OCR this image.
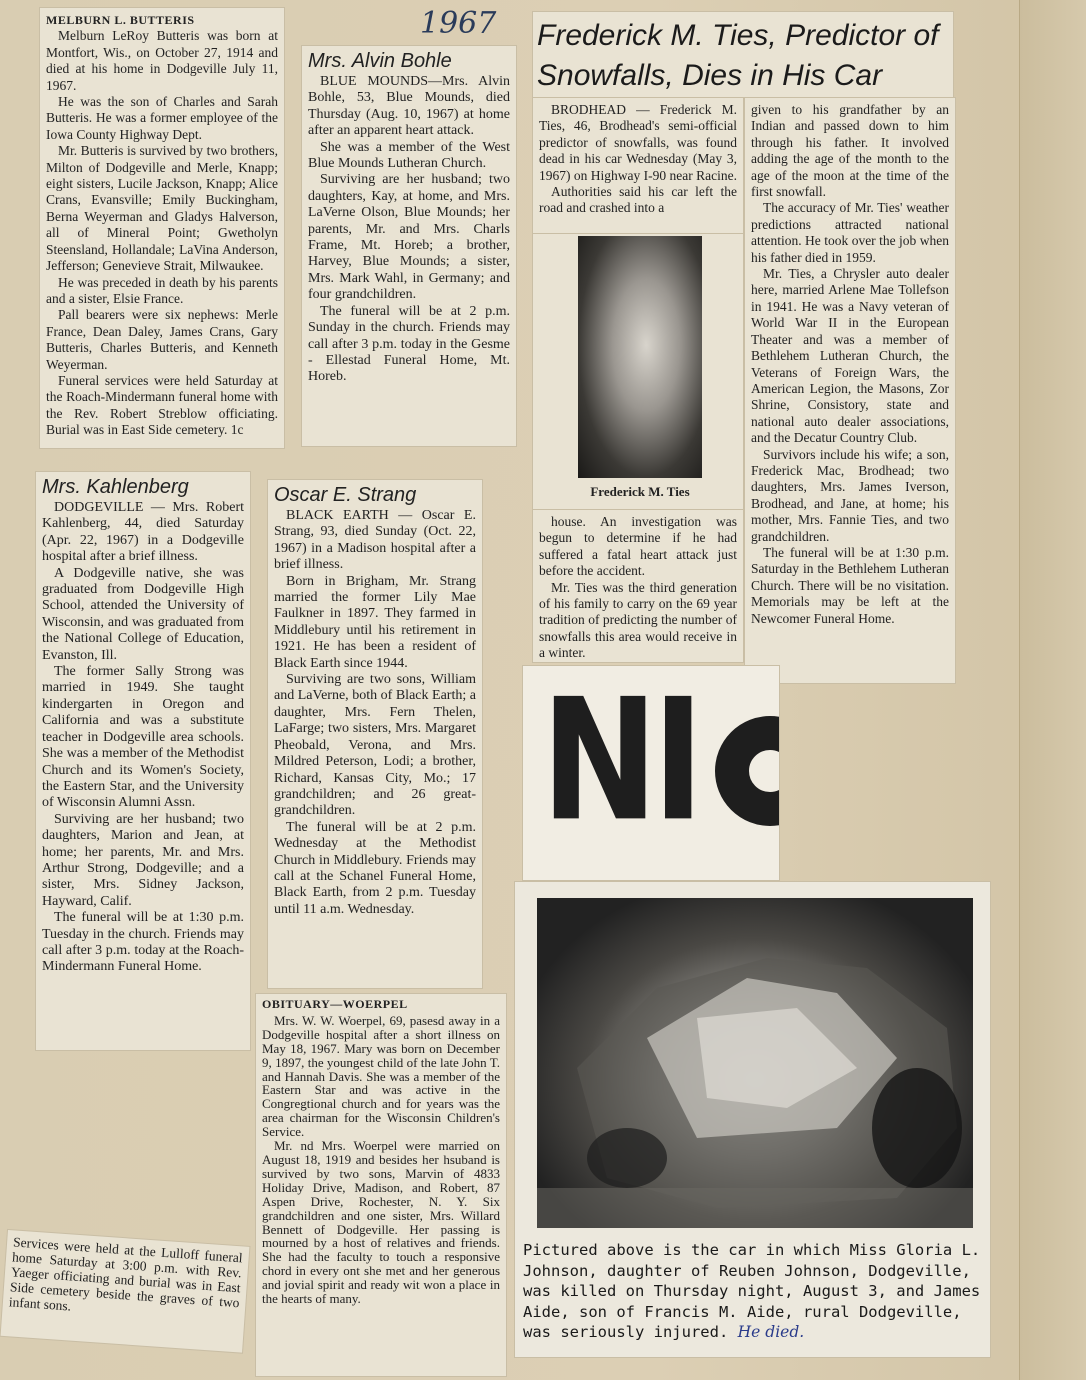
1967

MELBURN L. BUTTERIS

Melburn LeRoy Butteris was born at Montfort, Wis., on October 27, 1914 and died at his home in Dodgeville July 11, 1967.

He was the son of Charles and Sarah Butteris. He was a former employee of the Iowa County Highway Dept.

Mr. Butteris is survived by two brothers, Milton of Dodgeville and Merle, Knapp; eight sisters, Lucile Jackson, Knapp; Alice Crans, Evansville; Emily Buckingham, Berna Weyerman and Gladys Halverson, all of Mineral Point; Gwetholyn Steensland, Hollandale; LaVina Anderson, Jefferson; Genevieve Strait, Milwaukee.

He was preceded in death by his parents and a sister, Elsie France.

Pall bearers were six nephews: Merle France, Dean Daley, James Crans, Gary Butteris, Charles Butteris, and Kenneth Weyerman.

Funeral services were held Saturday at the Roach-Mindermann funeral home with the Rev. Robert Streblow officiating. Burial was in East Side cemetery. 1c

Mrs. Alvin Bohle

BLUE MOUNDS—Mrs. Alvin Bohle, 53, Blue Mounds, died Thursday (Aug. 10, 1967) at home after an apparent heart attack.

She was a member of the West Blue Mounds Lutheran Church.

Surviving are her husband; two daughters, Kay, at home, and Mrs. LaVerne Olson, Blue Mounds; her parents, Mr. and Mrs. Charls Frame, Mt. Horeb; a brother, Harvey, Blue Mounds; a sister, Mrs. Mark Wahl, in Germany; and four grandchildren.

The funeral will be at 2 p.m. Sunday in the church. Friends may call after 3 p.m. today in the Gesme - Ellestad Funeral Home, Mt. Horeb.

Frederick M. Ties, Predictor of Snowfalls, Dies in His Car

BRODHEAD — Frederick M. Ties, 46, Brodhead's semi-official predictor of snowfalls, was found dead in his car Wednesday (May 3, 1967) on Highway I-90 near Racine.

Authorities said his car left the road and crashed into a

Frederick M. Ties

house. An investigation was begun to determine if he had suffered a fatal heart attack just before the accident.

Mr. Ties was the third generation of his family to carry on the 69 year tradition of predicting the number of snowfalls this area would receive in a winter.

given to his grandfather by an Indian and passed down to him through his father. It involved adding the age of the month to the age of the moon at the time of the first snowfall.

The accuracy of Mr. Ties' weather predictions attracted national attention. He took over the job when his father died in 1959.

Mr. Ties, a Chrysler auto dealer here, married Arlene Mae Tollefson in 1941. He was a Navy veteran of World War II in the European Theater and was a member of Bethlehem Lutheran Church, the Veterans of Foreign Wars, the American Legion, the Masons, Zor Shrine, Consistory, state and national auto dealer associations, and the Decatur Country Club.

Survivors include his wife; a son, Frederick Mac, Brodhead; two daughters, Mrs. James Iverson, Brodhead, and Jane, at home; his mother, Mrs. Fannie Ties, and two grandchildren.

The funeral will be at 1:30 p.m. Saturday in the Bethlehem Lutheran Church. There will be no visitation. Memorials may be left at the Newcomer Funeral Home.

Mrs. Kahlenberg

DODGEVILLE — Mrs. Robert Kahlenberg, 44, died Saturday (Apr. 22, 1967) in a Dodgeville hospital after a brief illness.

A Dodgeville native, she was graduated from Dodgeville High School, attended the University of Wisconsin, and was graduated from the National College of Education, Evanston, Ill.

The former Sally Strong was married in 1949. She taught kindergarten in Oregon and California and was a substitute teacher in Dodgeville area schools. She was a member of the Methodist Church and its Women's Society, the Eastern Star, and the University of Wisconsin Alumni Assn.

Surviving are her husband; two daughters, Marion and Jean, at home; her parents, Mr. and Mrs. Arthur Strong, Dodgeville; and a sister, Mrs. Sidney Jackson, Hayward, Calif.

The funeral will be at 1:30 p.m. Tuesday in the church. Friends may call after 3 p.m. today at the Roach-Mindermann Funeral Home.

Oscar E. Strang

BLACK EARTH — Oscar E. Strang, 93, died Sunday (Oct. 22, 1967) in a Madison hospital after a brief illness.

Born in Brigham, Mr. Strang married the former Lily Mae Faulkner in 1897. They farmed in Middlebury until his retirement in 1921. He has been a resident of Black Earth since 1944.

Surviving are two sons, William and LaVerne, both of Black Earth; a daughter, Mrs. Fern Thelen, LaFarge; two sisters, Mrs. Margaret Pheobald, Verona, and Mrs. Mildred Peterson, Lodi; a brother, Richard, Kansas City, Mo.; 17 grandchildren; and 26 great-grandchildren.

The funeral will be at 2 p.m. Wednesday at the Methodist Church in Middlebury. Friends may call at the Schanel Funeral Home, Black Earth, from 2 p.m. Tuesday until 11 a.m. Wednesday.

OBITUARY—WOERPEL

Mrs. W. W. Woerpel, 69, pasesd away in a Dodgeville hospital after a short illness on May 18, 1967. Mary was born on December 9, 1897, the youngest child of the late John T. and Hannah Davis. She was a member of the Eastern Star and was active in the Congregtional church and for years was the area chairman for the Wisconsin Children's Service.

Mr. nd Mrs. Woerpel were married on August 18, 1919 and besides her hsuband is survived by two sons, Marvin of 4833 Holiday Drive, Madison, and Robert, 87 Aspen Drive, Rochester, N. Y. Six grandchildren and one sister, Mrs. Willard Bennett of Dodgeville. Her passing is mourned by a host of relatives and friends. She had the faculty to touch a responsive chord in every ont she met and her generous and jovial spirit and ready wit won a place in the hearts of many.

Services were held at the Lulloff funeral home Saturday at 3:00 p.m. with Rev. Yaeger officiating and burial was in East Side cemetery beside the graves of two infant sons.

NI
Pictured above is the car in which Miss Gloria L. Johnson, daughter of Reuben Johnson, Dodgeville, was killed on Thursday night, August 3, and James Aide, son of Francis M. Aide, rural Dodgeville, was seriously injured. He died.
